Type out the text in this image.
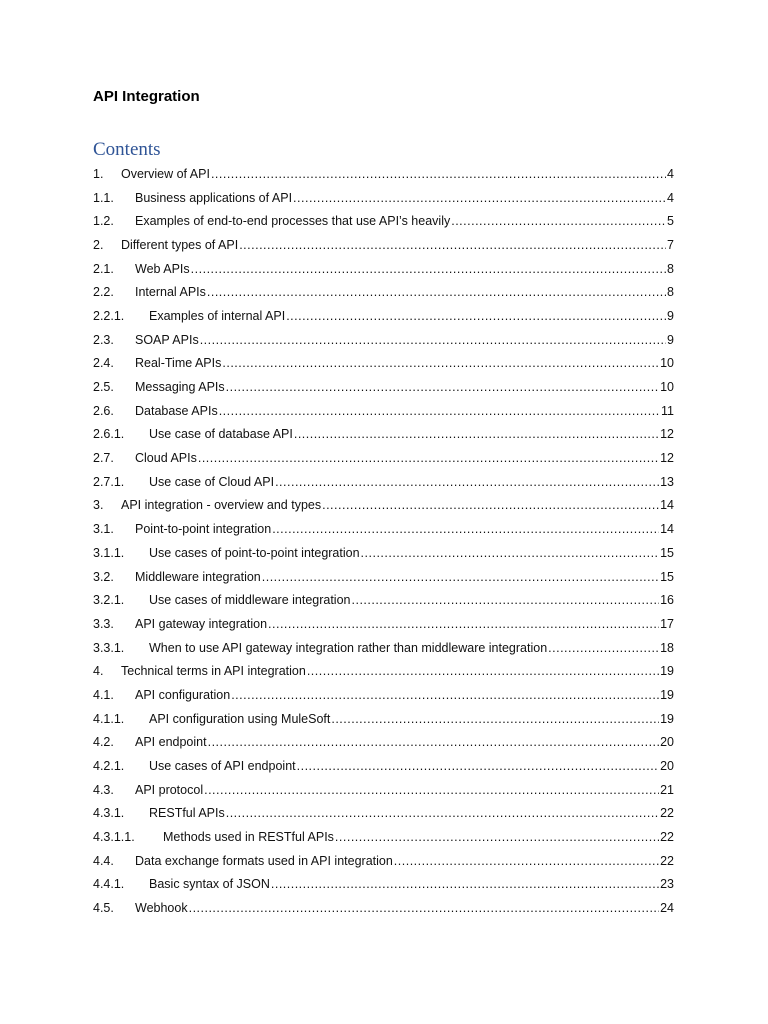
API Integration
Contents
1.	Overview of API .....	4
1.1.	Business applications of API .....	4
1.2.	Examples of end-to-end processes that use API’s heavily .....	5
2.	Different types of API .....	7
2.1.	Web APIs .....	8
2.2.	Internal APIs .....	8
2.2.1.	Examples of internal API .....	9
2.3.	SOAP APIs .....	9
2.4.	Real-Time APIs .....	10
2.5.	Messaging APIs .....	10
2.6.	Database APIs .....	11
2.6.1.	Use case of database API .....	12
2.7.	Cloud APIs .....	12
2.7.1.	Use case of Cloud API .....	13
3.	API integration - overview and types .....	14
3.1.	Point-to-point integration .....	14
3.1.1.	Use cases of point-to-point integration .....	15
3.2.	Middleware integration .....	15
3.2.1.	Use cases of middleware integration .....	16
3.3.	API gateway integration .....	17
3.3.1.	When to use API gateway integration rather than middleware integration .....	18
4.	Technical terms in API integration .....	19
4.1.	API configuration .....	19
4.1.1.	API configuration using MuleSoft .....	19
4.2.	API endpoint .....	20
4.2.1.	Use cases of API endpoint .....	20
4.3.	API protocol .....	21
4.3.1.	RESTful APIs .....	22
4.3.1.1.	Methods used in RESTful APIs .....	22
4.4.	Data exchange formats used in API integration .....	22
4.4.1.	Basic syntax of JSON .....	23
4.5.	Webhook .....	24
